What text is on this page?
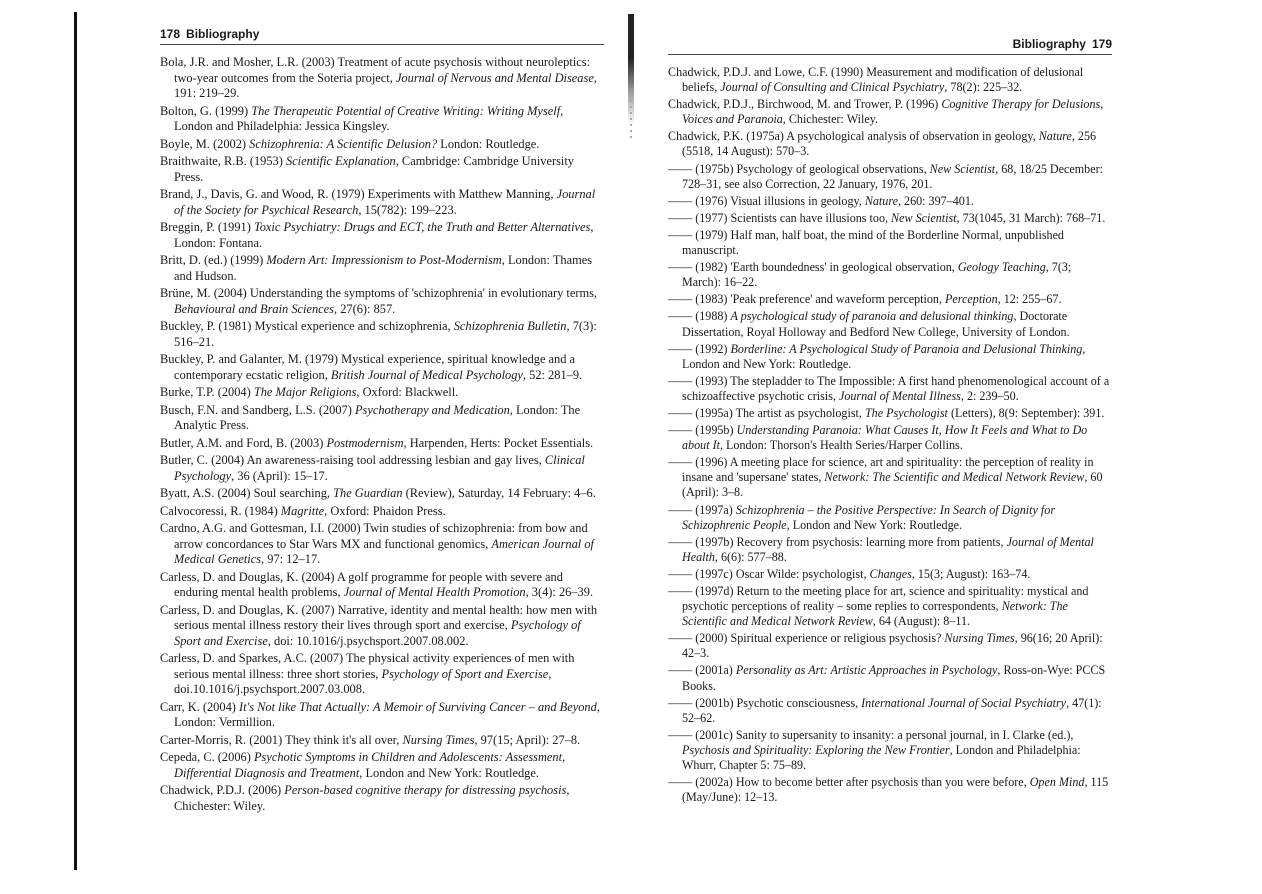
178 Bibliography

Bola, J.R. and Mosher, L.R. (2003) Treatment of acute psychosis without neuroleptics: two-year outcomes from the Soteria project, Journal of Nervous and Mental Disease, 191: 219–29.

Bolton, G. (1999) The Therapeutic Potential of Creative Writing: Writing Myself, London and Philadelphia: Jessica Kingsley.

Boyle, M. (2002) Schizophrenia: A Scientific Delusion? London: Routledge.

Braithwaite, R.B. (1953) Scientific Explanation, Cambridge: Cambridge University Press.

Brand, J., Davis, G. and Wood, R. (1979) Experiments with Matthew Manning, Journal of the Society for Psychical Research, 15(782): 199–223.

Breggin, P. (1991) Toxic Psychiatry: Drugs and ECT, the Truth and Better Alternatives, London: Fontana.

Britt, D. (ed.) (1999) Modern Art: Impressionism to Post-Modernism, London: Thames and Hudson.

Brüne, M. (2004) Understanding the symptoms of 'schizophrenia' in evolutionary terms, Behavioural and Brain Sciences, 27(6): 857.

Buckley, P. (1981) Mystical experience and schizophrenia, Schizophrenia Bulletin, 7(3): 516–21.

Buckley, P. and Galanter, M. (1979) Mystical experience, spiritual knowledge and a contemporary ecstatic religion, British Journal of Medical Psychology, 52: 281–9.

Burke, T.P. (2004) The Major Religions, Oxford: Blackwell.

Busch, F.N. and Sandberg, L.S. (2007) Psychotherapy and Medication, London: The Analytic Press.

Butler, A.M. and Ford, B. (2003) Postmodernism, Harpenden, Herts: Pocket Essentials.

Butler, C. (2004) An awareness-raising tool addressing lesbian and gay lives, Clinical Psychology, 36 (April): 15–17.

Byatt, A.S. (2004) Soul searching, The Guardian (Review), Saturday, 14 February: 4–6.

Calvocoressi, R. (1984) Magritte, Oxford: Phaidon Press.

Cardno, A.G. and Gottesman, I.I. (2000) Twin studies of schizophrenia: from bow and arrow concordances to Star Wars MX and functional genomics, American Journal of Medical Genetics, 97: 12–17.

Carless, D. and Douglas, K. (2004) A golf programme for people with severe and enduring mental health problems, Journal of Mental Health Promotion, 3(4): 26–39.

Carless, D. and Douglas, K. (2007) Narrative, identity and mental health: how men with serious mental illness restory their lives through sport and exercise, Psychology of Sport and Exercise, doi: 10.1016/j.psychsport.2007.08.002.

Carless, D. and Sparkes, A.C. (2007) The physical activity experiences of men with serious mental illness: three short stories, Psychology of Sport and Exercise, doi.10.1016/j.psychsport.2007.03.008.

Carr, K. (2004) It's Not like That Actually: A Memoir of Surviving Cancer – and Beyond, London: Vermillion.

Carter-Morris, R. (2001) They think it's all over, Nursing Times, 97(15; April): 27–8.

Cepeda, C. (2006) Psychotic Symptoms in Children and Adolescents: Assessment, Differential Diagnosis and Treatment, London and New York: Routledge.

Chadwick, P.D.J. (2006) Person-based cognitive therapy for distressing psychosis, Chichester: Wiley.

Bibliography 179

Chadwick, P.D.J. and Lowe, C.F. (1990) Measurement and modification of delusional beliefs, Journal of Consulting and Clinical Psychiatry, 78(2): 225–32.

Chadwick, P.D.J., Birchwood, M. and Trower, P. (1996) Cognitive Therapy for Delusions, Voices and Paranoia, Chichester: Wiley.

Chadwick, P.K. (1975a) A psychological analysis of observation in geology, Nature, 256 (5518, 14 August): 570–3.

—— (1975b) Psychology of geological observations, New Scientist, 68, 18/25 December: 728–31, see also Correction, 22 January, 1976, 201.

—— (1976) Visual illusions in geology, Nature, 260: 397–401.

—— (1977) Scientists can have illusions too, New Scientist, 73(1045, 31 March): 768–71.

—— (1979) Half man, half boat, the mind of the Borderline Normal, unpublished manuscript.

—— (1982) 'Earth boundedness' in geological observation, Geology Teaching, 7(3; March): 16–22.

—— (1983) 'Peak preference' and waveform perception, Perception, 12: 255–67.

—— (1988) A psychological study of paranoia and delusional thinking, Doctorate Dissertation, Royal Holloway and Bedford New College, University of London.

—— (1992) Borderline: A Psychological Study of Paranoia and Delusional Thinking, London and New York: Routledge.

—— (1993) The stepladder to The Impossible: A first hand phenomenological account of a schizoaffective psychotic crisis, Journal of Mental Illness, 2: 239–50.

—— (1995a) The artist as psychologist, The Psychologist (Letters), 8(9: September): 391.

—— (1995b) Understanding Paranoia: What Causes It, How It Feels and What to Do about It, London: Thorson's Health Series/Harper Collins.

—— (1996) A meeting place for science, art and spirituality: the perception of reality in insane and 'supersane' states, Network: The Scientific and Medical Network Review, 60 (April): 3–8.

—— (1997a) Schizophrenia – the Positive Perspective: In Search of Dignity for Schizophrenic People, London and New York: Routledge.

—— (1997b) Recovery from psychosis: learning more from patients, Journal of Mental Health, 6(6): 577–88.

—— (1997c) Oscar Wilde: psychologist, Changes, 15(3; August): 163–74.

—— (1997d) Return to the meeting place for art, science and spirituality: mystical and psychotic perceptions of reality – some replies to correspondents, Network: The Scientific and Medical Network Review, 64 (August): 8–11.

—— (2000) Spiritual experience or religious psychosis? Nursing Times, 96(16; 20 April): 42–3.

—— (2001a) Personality as Art: Artistic Approaches in Psychology, Ross-on-Wye: PCCS Books.

—— (2001b) Psychotic consciousness, International Journal of Social Psychiatry, 47(1): 52–62.

—— (2001c) Sanity to supersanity to insanity: a personal journal, in I. Clarke (ed.), Psychosis and Spirituality: Exploring the New Frontier, London and Philadelphia: Whurr, Chapter 5: 75–89.

—— (2002a) How to become better after psychosis than you were before, Open Mind, 115 (May/June): 12–13.
